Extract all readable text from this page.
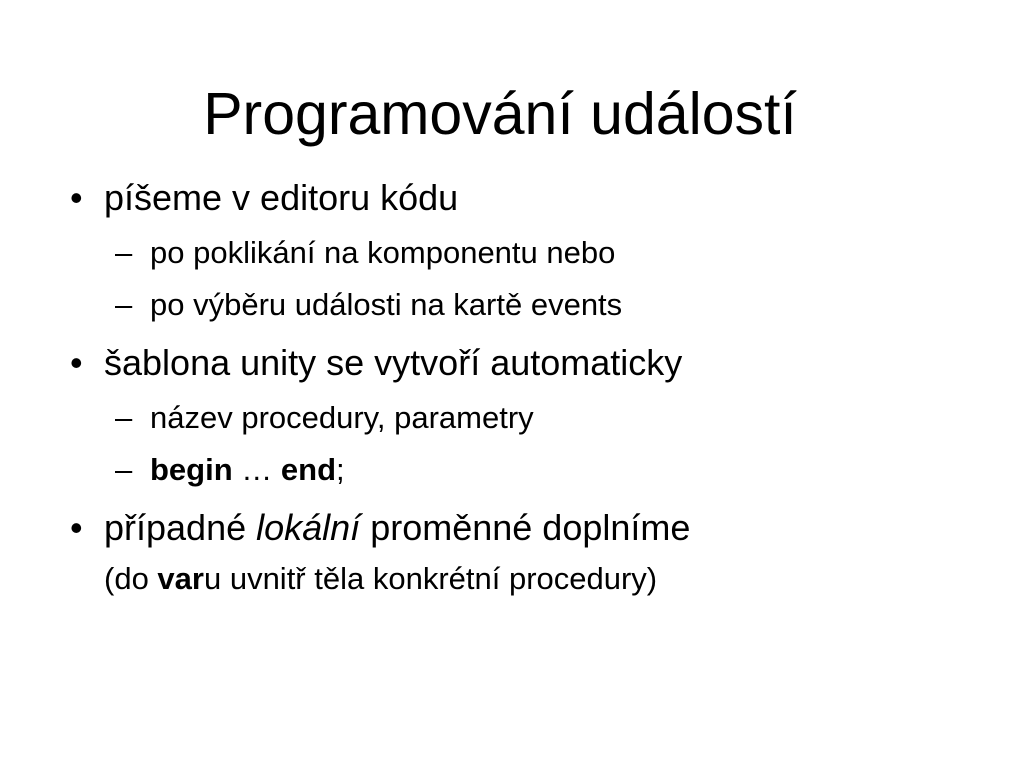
Programování událostí
• píšeme v editoru kódu
– po poklikání na komponentu nebo
– po výběru události na kartě events
• šablona unity se vytvoří automaticky
– název procedury, parametry
– begin … end;
• případné lokální proměnné doplníme
(do varu uvnitř těla konkrétní procedury)
